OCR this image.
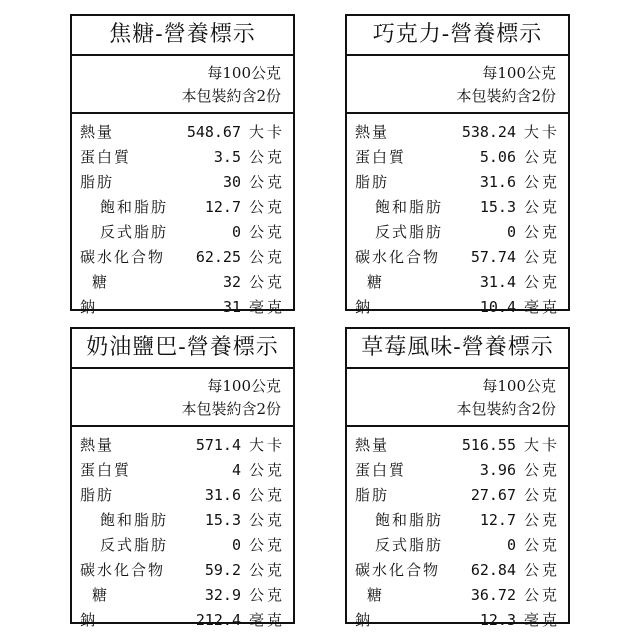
焦糖-營養標示
每100公克
本包裝約含2份
熱量	548.67 大卡
蛋白質	3.5 公克
脂肪	30 公克
飽和脂肪 12.7 公克
反式脂肪	0 公克
碳水化合物 62.25 公克
糖	32 公克
鈉	31 毫克
巧克力-營養標示
每100公克
本包裝約含2份
熱量	538.24 大卡
蛋白質	5.06 公克
脂肪	31.6 公克
飽和脂肪 15.3 公克
反式脂肪	0 公克
碳水化合物 57.74 公克
糖	31.4 公克
鈉	10.4 毫克
奶油鹽巴-營養標示
每100公克
本包裝約含2份
熱量	571.4 大卡
蛋白質	4 公克
脂肪	31.6 公克
飽和脂肪 15.3 公克
反式脂肪	0 公克
碳水化合物	59.2 公克
糖	32.9 公克
鈉	212.4 毫克
草莓風味-營養標示
每100公克
本包裝約含2份
熱量	516.55 大卡
蛋白質	3.96 公克
脂肪	27.67 公克
飽和脂肪 12.7 公克
反式脂肪	0 公克
碳水化合物 62.84 公克
糖	36.72 公克
鈉	12.3 毫克
